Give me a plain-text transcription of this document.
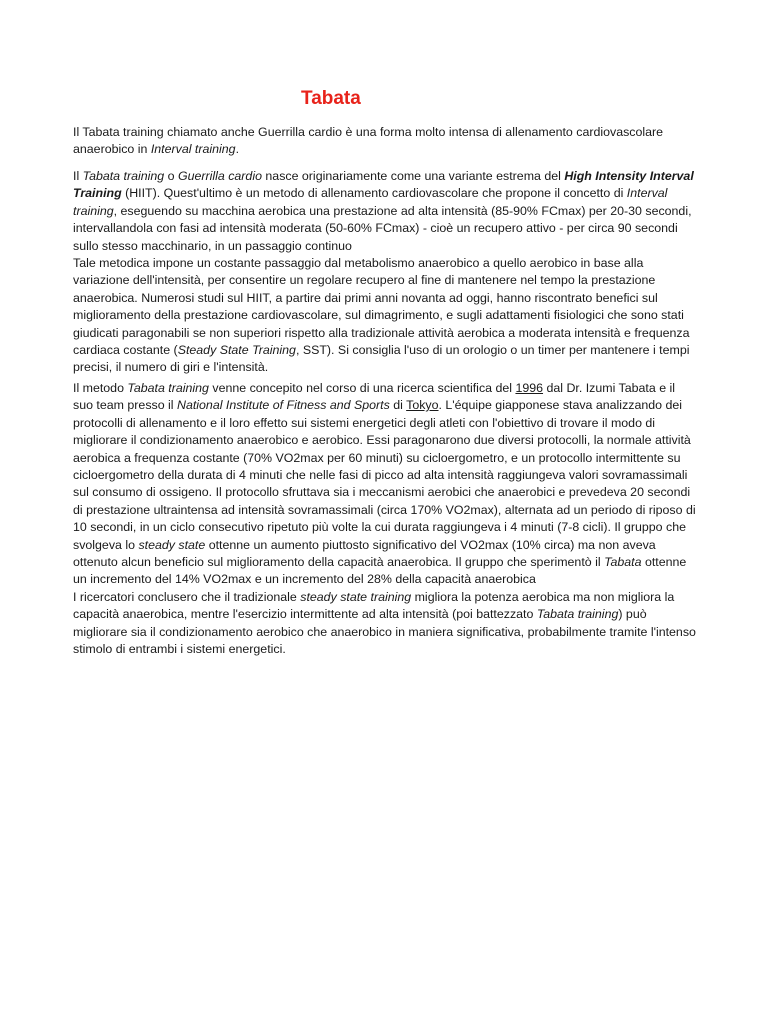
Tabata

Il Tabata training chiamato anche Guerrilla cardio è una forma molto intensa di allenamento cardiovascolare anaerobico in Interval training.

Il Tabata training o Guerrilla cardio nasce originariamente come una variante estrema del High Intensity Interval Training (HIIT). Quest'ultimo è un metodo di allenamento cardiovascolare che propone il concetto di Interval training, eseguendo su macchina aerobica una prestazione ad alta intensità (85-90% FCmax) per 20-30 secondi, intervallandola con fasi ad intensità moderata (50-60% FCmax) - cioè un recupero attivo - per circa 90 secondi sullo stesso macchinario, in un passaggio continuo
Tale metodica impone un costante passaggio dal metabolismo anaerobico a quello aerobico in base alla variazione dell'intensità, per consentire un regolare recupero al fine di mantenere nel tempo la prestazione anaerobica. Numerosi studi sul HIIT, a partire dai primi anni novanta ad oggi, hanno riscontrato benefici sul miglioramento della prestazione cardiovascolare, sul dimagrimento, e sugli adattamenti fisiologici che sono stati giudicati paragonabili se non superiori rispetto alla tradizionale attività aerobica a moderata intensità e frequenza cardiaca costante (Steady State Training, SST). Si consiglia l'uso di un orologio o un timer per mantenere i tempi precisi, il numero di giri e l'intensità.

Il metodo Tabata training venne concepito nel corso di una ricerca scientifica del 1996 dal Dr. Izumi Tabata e il suo team presso il National Institute of Fitness and Sports di Tokyo. L'équipe giapponese stava analizzando dei protocolli di allenamento e il loro effetto sui sistemi energetici degli atleti con l'obiettivo di trovare il modo di migliorare il condizionamento anaerobico e aerobico. Essi paragonarono due diversi protocolli, la normale attività aerobica a frequenza costante (70% VO2max per 60 minuti) su cicloergometro, e un protocollo intermittente su cicloergometro della durata di 4 minuti che nelle fasi di picco ad alta intensità raggiungeva valori sovramassimali sul consumo di ossigeno. Il protocollo sfruttava sia i meccanismi aerobici che anaerobici e prevedeva 20 secondi di prestazione ultraintensa ad intensità sovramassimali (circa 170% VO2max), alternata ad un periodo di riposo di 10 secondi, in un ciclo consecutivo ripetuto più volte la cui durata raggiungeva i 4 minuti (7-8 cicli). Il gruppo che svolgeva lo steady state ottenne un aumento piuttosto significativo del VO2max (10% circa) ma non aveva ottenuto alcun beneficio sul miglioramento della capacità anaerobica. Il gruppo che sperimentò il Tabata ottenne un incremento del 14% VO2max e un incremento del 28% della capacità anaerobica
I ricercatori conclusero che il tradizionale steady state training migliora la potenza aerobica ma non migliora la capacità anaerobica, mentre l'esercizio intermittente ad alta intensità (poi battezzato Tabata training) può migliorare sia il condizionamento aerobico che anaerobico in maniera significativa, probabilmente tramite l'intenso stimolo di entrambi i sistemi energetici.
